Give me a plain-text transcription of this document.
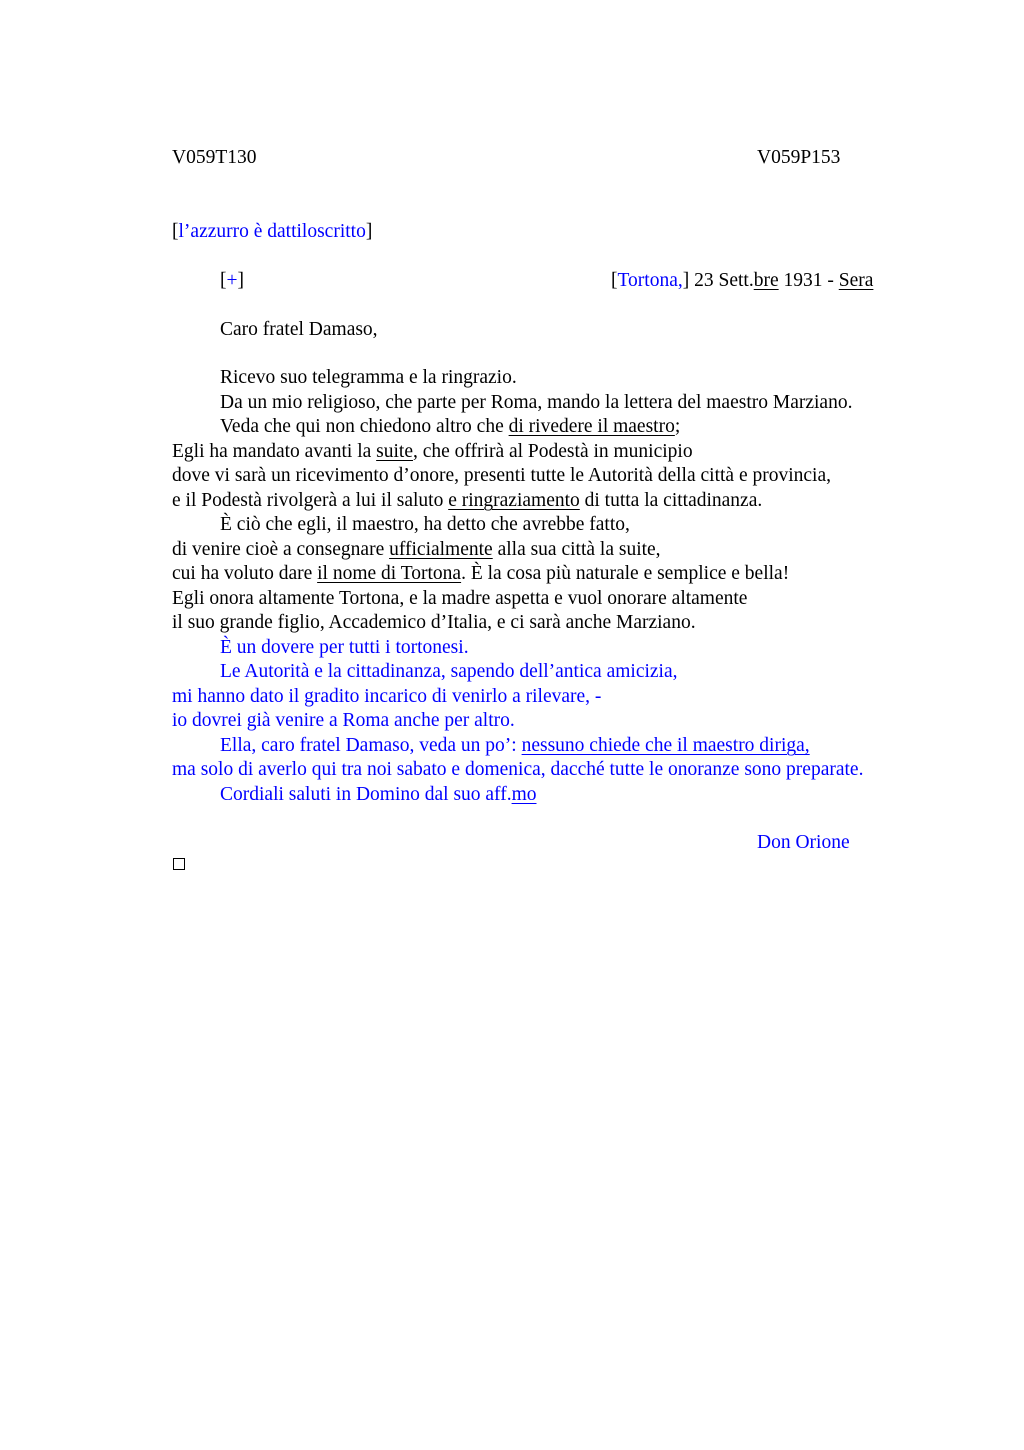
V059T130	V059P153
[l’azzurro è dattiloscritto]
[+]	[Tortona,] 23 Sett.bre 1931 - Sera
Caro fratel Damaso,
Ricevo suo telegramma e la ringrazio.
Da un mio religioso, che parte per Roma, mando la lettera del maestro Marziano.
Veda che qui non chiedono altro che di rivedere il maestro;
Egli ha mandato avanti la suite, che offrirà al Podestà in municipio
dove vi sarà un ricevimento d’onore, presenti tutte le Autorità della città e provincia,
e il Podestà rivolgerà a lui il saluto e ringraziamento di tutta la cittadinanza.
È ciò che egli, il maestro, ha detto che avrebbe fatto,
di venire cioè a consegnare ufficialmente alla sua città la suite,
cui ha voluto dare il nome di Tortona. È la cosa più naturale e semplice e bella!
Egli onora altamente Tortona, e la madre aspetta e vuol onorare altamente
il suo grande figlio, Accademico d’Italia, e ci sarà anche Marziano.
È un dovere per tutti i tortonesi.
Le Autorità e la cittadinanza, sapendo dell’antica amicizia,
mi hanno dato il gradito incarico di venirlo a rilevare, -
io dovrei già venire a Roma anche per altro.
Ella, caro fratel Damaso, veda un po’: nessuno chiede che il maestro diriga,
ma solo di averlo qui tra noi sabato e domenica, dacché tutte le onoranze sono preparate.
Cordiali saluti in Domino dal suo aff.mo
Don Orione
